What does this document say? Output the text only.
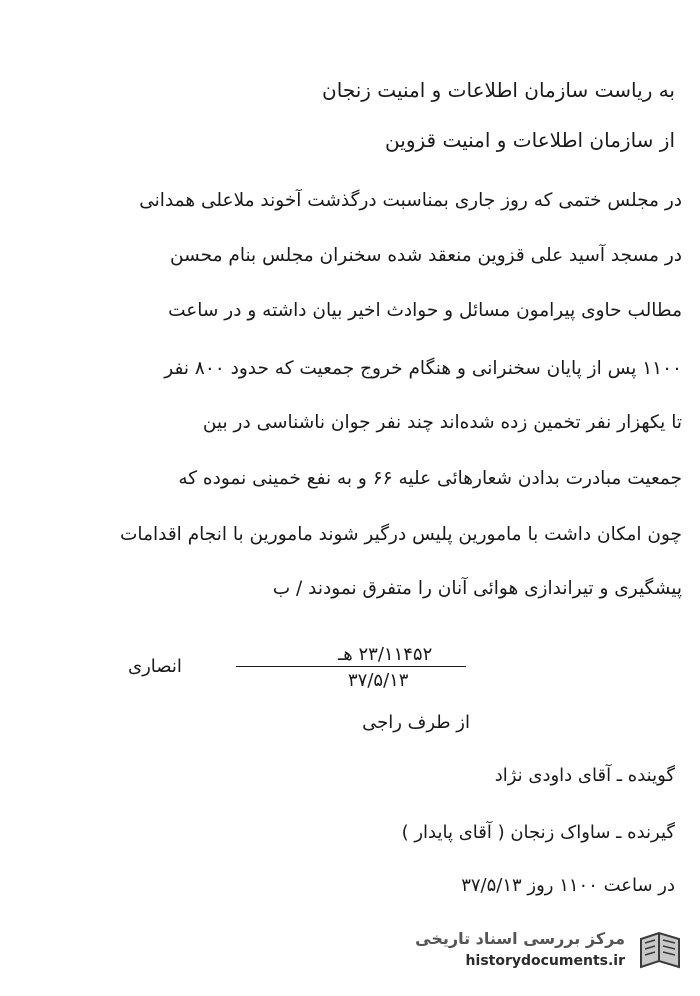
به ریاست سازمان اطلاعات و امنیت زنجان
از سازمان اطلاعات و امنیت قزوین
در مجلس ختمی که روز جاری بمناسبت درگذشت آخوند ملاعلی همدانی
در مسجد آسید علی قزوین منعقد شده سخنران مجلس بنام محسن
مطالب حاوی پیرامون مسائل و حوادث اخیر بیان داشته و در ساعت
۱۱۰۰ پس از پایان سخنرانی و هنگام خروج جمعیت که حدود ۸۰۰ نفر
تا یکهزار نفر تخمین زده شده‌اند چند نفر جوان ناشناسی در بین
جمعیت مبادرت بدادن شعارهائی علیه ۶۶ و به نفع خمینی نموده که
چون امکان داشت با مامورین پلیس درگیر شوند مامورین با انجام اقدامات
پیشگیری و تیراندازی هوائی آنان را متفرق نمودند / ب
انصاری
۲۳/۱۱۴۵۲ هـ
۳۷/۵/۱۳
از طرف راجی
گوینده ـ آقای داودی نژاد
گیرنده ـ ساواک زنجان ( آقای پایدار )
در ساعت ۱۱۰۰ روز ۳۷/۵/۱۳
مرکز بررسی اسناد تاریخی
historydocuments.ir
